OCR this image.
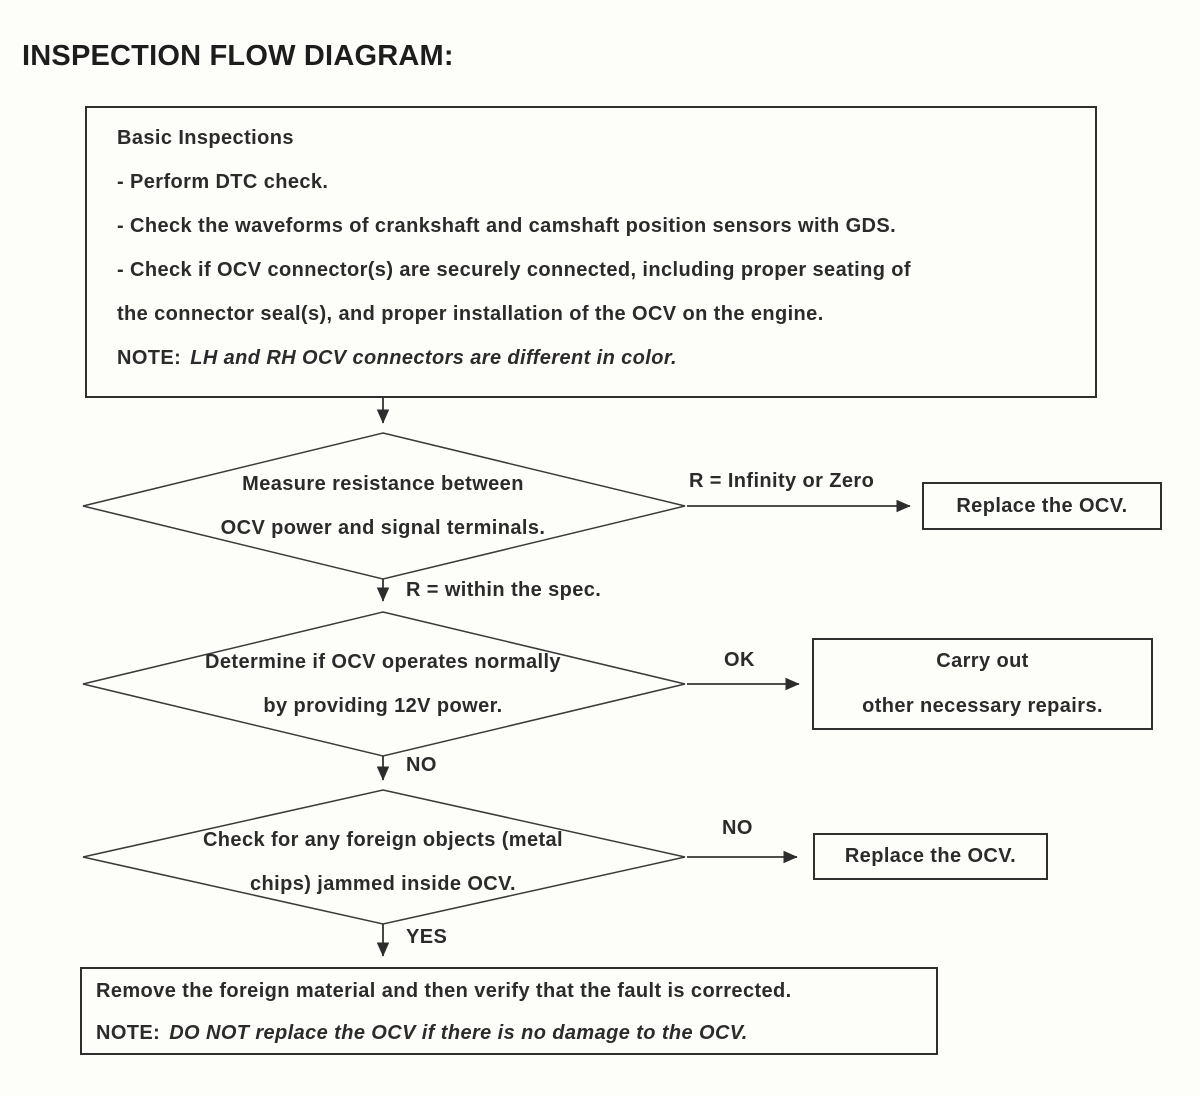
INSPECTION FLOW DIAGRAM:
Basic Inspections
- Perform DTC check.
- Check the waveforms of crankshaft and camshaft position sensors with GDS.
- Check if OCV connector(s) are securely connected, including proper seating of
the connector seal(s), and proper installation of the OCV on the engine.
NOTE: LH and RH OCV connectors are different in color.
Measure resistance between
OCV power and signal terminals.
Determine if OCV operates normally
by providing 12V power.
Check for any foreign objects (metal
chips) jammed inside OCV.
R = Infinity or Zero
R = within the spec.
OK
NO
NO
YES
Replace the OCV.
Carry out
other necessary repairs.
Replace the OCV.
Remove the foreign material and then verify that the fault is corrected.
NOTE: DO NOT replace the OCV if there is no damage to the OCV.
